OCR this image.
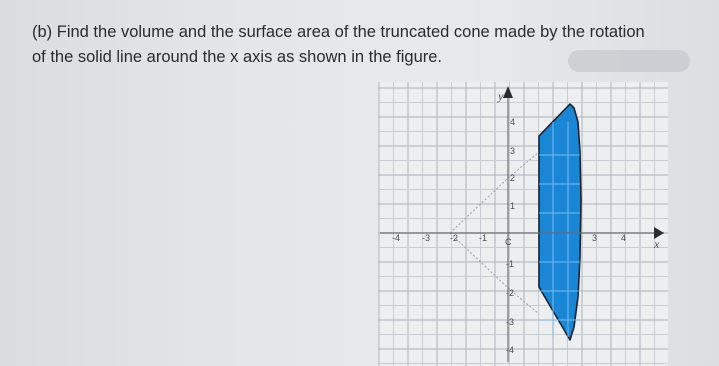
(b) Find the volume and the surface area of the truncated cone made by the rotation
of the solid line around the x axis as shown in the figure.
y
x
-4 -3 -2 -1 C	3	4
4
3
2
1
-1
-2
-3
-4
